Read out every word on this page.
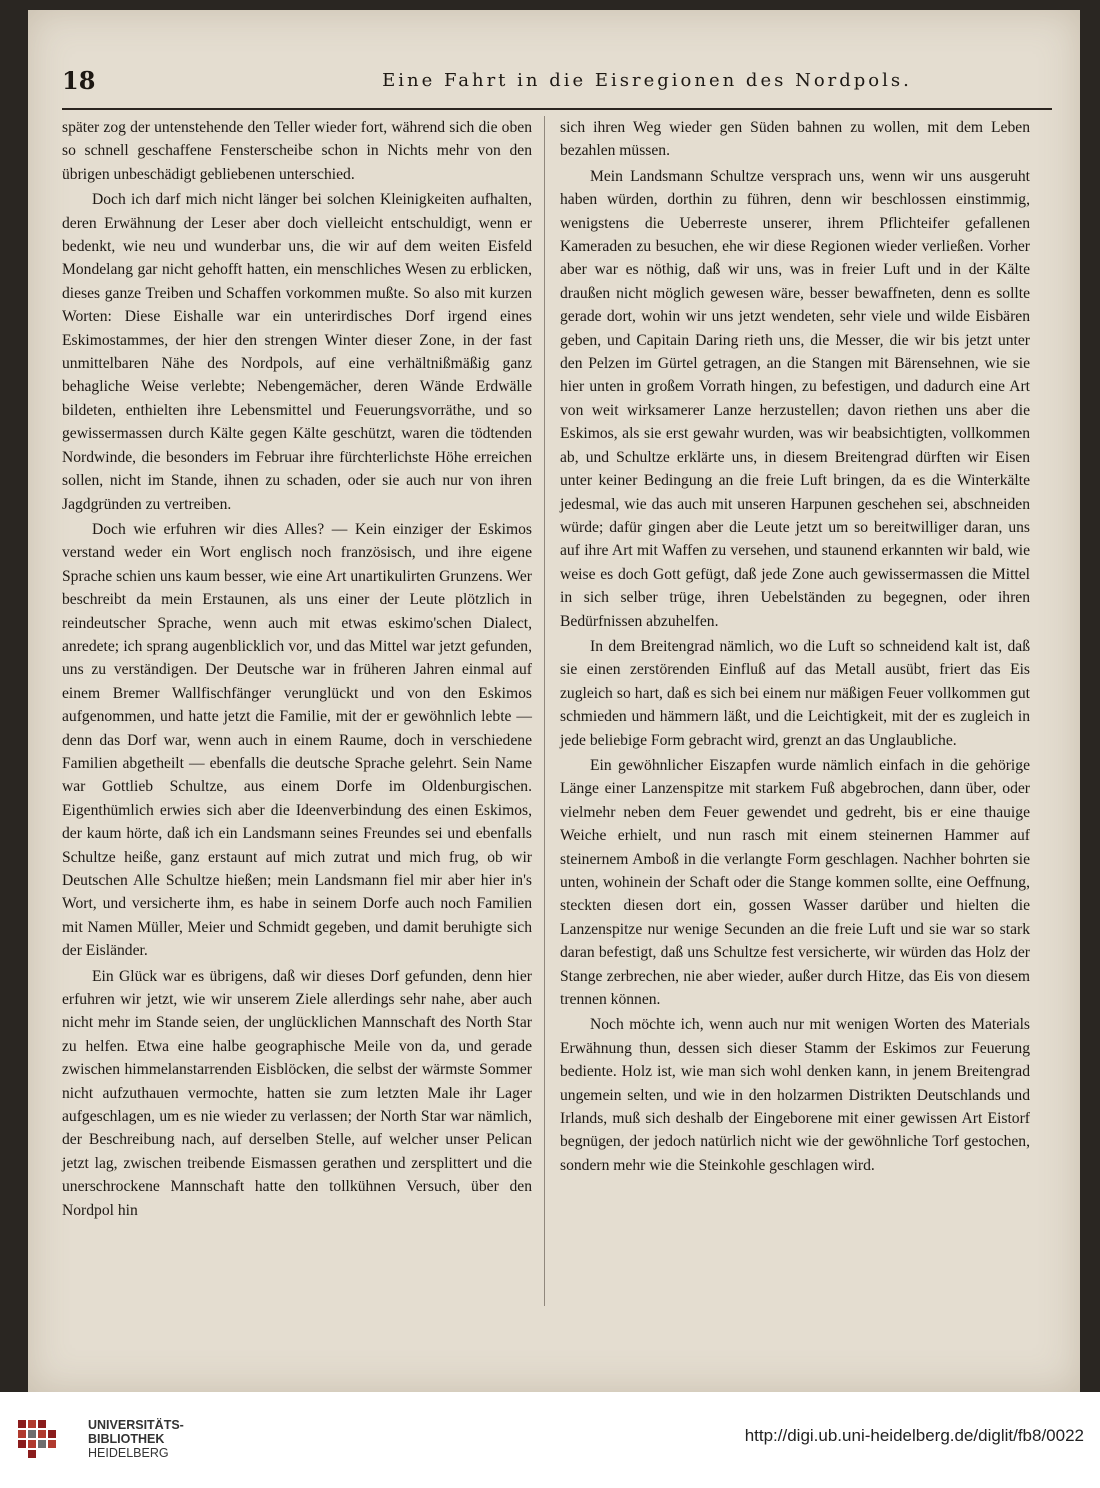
18	Eine Fahrt in die Eisregionen des Nordpols.

später zog der untenstehende den Teller wieder fort, während sich die oben so schnell geschaffene Fensterscheibe schon in Nichts mehr von den übrigen unbeschädigt gebliebenen unterschied.

Doch ich darf mich nicht länger bei solchen Kleinigkeiten aufhalten, deren Erwähnung der Leser aber doch vielleicht entschuldigt, wenn er bedenkt, wie neu und wunderbar uns, die wir auf dem weiten Eisfeld Mondelang gar nicht gehofft hatten, ein menschliches Wesen zu erblicken, dieses ganze Treiben und Schaffen vorkommen mußte. So also mit kurzen Worten: Diese Eishalle war ein unterirdisches Dorf irgend eines Eskimostammes, der hier den strengen Winter dieser Zone, in der fast unmittelbaren Nähe des Nordpols, auf eine verhältnißmäßig ganz behagliche Weise verlebte; Nebengemächer, deren Wände Erdwälle bildeten, enthielten ihre Lebensmittel und Feuerungsvorräthe, und so gewissermassen durch Kälte gegen Kälte geschützt, waren die tödtenden Nordwinde, die besonders im Februar ihre fürchterlichste Höhe erreichen sollen, nicht im Stande, ihnen zu schaden, oder sie auch nur von ihren Jagdgründen zu vertreiben.

Doch wie erfuhren wir dies Alles? — Kein einziger der Eskimos verstand weder ein Wort englisch noch französisch, und ihre eigene Sprache schien uns kaum besser, wie eine Art unartikulirten Grunzens. Wer beschreibt da mein Erstaunen, als uns einer der Leute plötzlich in reindeutscher Sprache, wenn auch mit etwas eskimo'schen Dialect, anredete; ich sprang augenblicklich vor, und das Mittel war jetzt gefunden, uns zu verständigen. Der Deutsche war in früheren Jahren einmal auf einem Bremer Wallfischfänger verunglückt und von den Eskimos aufgenommen, und hatte jetzt die Familie, mit der er gewöhnlich lebte — denn das Dorf war, wenn auch in einem Raume, doch in verschiedene Familien abgetheilt — ebenfalls die deutsche Sprache gelehrt. Sein Name war Gottlieb Schultze, aus einem Dorfe im Oldenburgischen. Eigenthümlich erwies sich aber die Ideenverbindung des einen Eskimos, der kaum hörte, daß ich ein Landsmann seines Freundes sei und ebenfalls Schultze heiße, ganz erstaunt auf mich zutrat und mich frug, ob wir Deutschen Alle Schultze hießen; mein Landsmann fiel mir aber hier in's Wort, und versicherte ihm, es habe in seinem Dorfe auch noch Familien mit Namen Müller, Meier und Schmidt gegeben, und damit beruhigte sich der Eisländer.

Ein Glück war es übrigens, daß wir dieses Dorf gefunden, denn hier erfuhren wir jetzt, wie wir unserem Ziele allerdings sehr nahe, aber auch nicht mehr im Stande seien, der unglücklichen Mannschaft des North Star zu helfen. Etwa eine halbe geographische Meile von da, und gerade zwischen himmelanstarrenden Eisblöcken, die selbst der wärmste Sommer nicht aufzuthauen vermochte, hatten sie zum letzten Male ihr Lager aufgeschlagen, um es nie wieder zu verlassen; der North Star war nämlich, der Beschreibung nach, auf derselben Stelle, auf welcher unser Pelican jetzt lag, zwischen treibende Eismassen gerathen und zersplittert und die unerschrockene Mannschaft hatte den tollkühnen Versuch, über den Nordpol hin

sich ihren Weg wieder gen Süden bahnen zu wollen, mit dem Leben bezahlen müssen.

Mein Landsmann Schultze versprach uns, wenn wir uns ausgeruht haben würden, dorthin zu führen, denn wir beschlossen einstimmig, wenigstens die Ueberreste unserer, ihrem Pflichteifer gefallenen Kameraden zu besuchen, ehe wir diese Regionen wieder verließen. Vorher aber war es nöthig, daß wir uns, was in freier Luft und in der Kälte draußen nicht möglich gewesen wäre, besser bewaffneten, denn es sollte gerade dort, wohin wir uns jetzt wendeten, sehr viele und wilde Eisbären geben, und Capitain Daring rieth uns, die Messer, die wir bis jetzt unter den Pelzen im Gürtel getragen, an die Stangen mit Bärensehnen, wie sie hier unten in großem Vorrath hingen, zu befestigen, und dadurch eine Art von weit wirksamerer Lanze herzustellen; davon riethen uns aber die Eskimos, als sie erst gewahr wurden, was wir beabsichtigten, vollkommen ab, und Schultze erklärte uns, in diesem Breitengrad dürften wir Eisen unter keiner Bedingung an die freie Luft bringen, da es die Winterkälte jedesmal, wie das auch mit unseren Harpunen geschehen sei, abschneiden würde; dafür gingen aber die Leute jetzt um so bereitwilliger daran, uns auf ihre Art mit Waffen zu versehen, und staunend erkannten wir bald, wie weise es doch Gott gefügt, daß jede Zone auch gewissermassen die Mittel in sich selber trüge, ihren Uebelständen zu begegnen, oder ihren Bedürfnissen abzuhelfen.

In dem Breitengrad nämlich, wo die Luft so schneidend kalt ist, daß sie einen zerstörenden Einfluß auf das Metall ausübt, friert das Eis zugleich so hart, daß es sich bei einem nur mäßigen Feuer vollkommen gut schmieden und hämmern läßt, und die Leichtigkeit, mit der es zugleich in jede beliebige Form gebracht wird, grenzt an das Unglaubliche.

Ein gewöhnlicher Eiszapfen wurde nämlich einfach in die gehörige Länge einer Lanzenspitze mit starkem Fuß abgebrochen, dann über, oder vielmehr neben dem Feuer gewendet und gedreht, bis er eine thauige Weiche erhielt, und nun rasch mit einem steinernen Hammer auf steinernem Amboß in die verlangte Form geschlagen. Nachher bohrten sie unten, wohinein der Schaft oder die Stange kommen sollte, eine Oeffnung, steckten diesen dort ein, gossen Wasser darüber und hielten die Lanzenspitze nur wenige Secunden an die freie Luft und sie war so stark daran befestigt, daß uns Schultze fest versicherte, wir würden das Holz der Stange zerbrechen, nie aber wieder, außer durch Hitze, das Eis von diesem trennen können.

Noch möchte ich, wenn auch nur mit wenigen Worten des Materials Erwähnung thun, dessen sich dieser Stamm der Eskimos zur Feuerung bediente. Holz ist, wie man sich wohl denken kann, in jenem Breitengrad ungemein selten, und wie in den holzarmen Distrikten Deutschlands und Irlands, muß sich deshalb der Eingeborene mit einer gewissen Art Eistorf begnügen, der jedoch natürlich nicht wie der gewöhnliche Torf gestochen, sondern mehr wie die Steinkohle geschlagen wird.

UNIVERSITÄTS-
BIBLIOTHEK
HEIDELBERG
http://digi.ub.uni-heidelberg.de/diglit/fb8/0022
